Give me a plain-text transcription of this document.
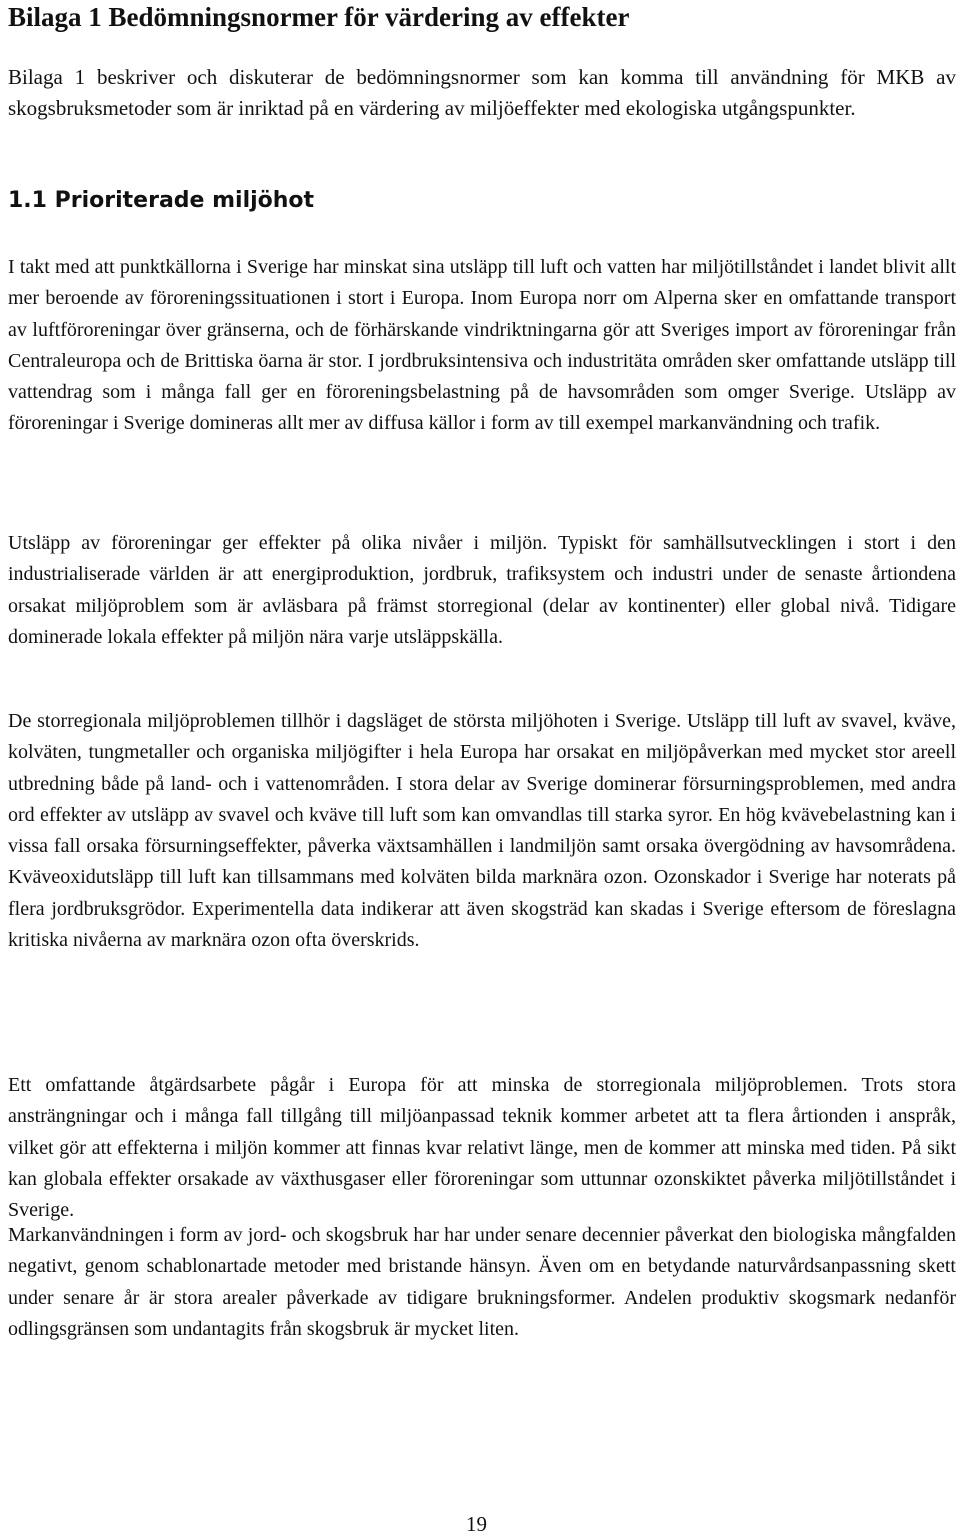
Bilaga 1 Bedömningsnormer för värdering av effekter

Bilaga 1 beskriver och diskuterar de bedömningsnormer som kan komma till användning för MKB av skogsbruksmetoder som är inriktad på en värdering av miljöeffekter med ekologiska utgångspunkter.

1.1 Prioriterade miljöhot

I takt med att punktkällorna i Sverige har minskat sina utsläpp till luft och vatten har miljötillståndet i landet blivit allt mer beroende av föroreningssituationen i stort i Europa. Inom Europa norr om Alperna sker en omfattande transport av luftföroreningar över gränserna, och de förhärskande vindriktningarna gör att Sveriges import av föroreningar från Centraleuropa och de Brittiska öarna är stor. I jordbruksintensiva och industritäta områden sker omfattande utsläpp till vattendrag som i många fall ger en föroreningsbelastning på de havsområden som omger Sverige. Utsläpp av föroreningar i Sverige domineras allt mer av diffusa källor i form av till exempel markanvändning och trafik.

Utsläpp av föroreningar ger effekter på olika nivåer i miljön. Typiskt för samhällsutvecklingen i stort i den industrialiserade världen är att energiproduktion, jordbruk, trafiksystem och industri under de senaste årtiondena orsakat miljöproblem som är avläsbara på främst storregional (delar av kontinenter) eller global nivå. Tidigare dominerade lokala effekter på miljön nära varje utsläppskälla.

De storregionala miljöproblemen tillhör i dagsläget de största miljöhoten i Sverige. Utsläpp till luft av svavel, kväve, kolväten, tungmetaller och organiska miljögifter i hela Europa har orsakat en miljöpåverkan med mycket stor areell utbredning både på land- och i vattenområden. I stora delar av Sverige dominerar försurningsproblemen, med andra ord effekter av utsläpp av svavel och kväve till luft som kan omvandlas till starka syror. En hög kvävebelastning kan i vissa fall orsaka försurningseffekter, påverka växtsamhällen i landmiljön samt orsaka övergödning av havsområdena. Kväveoxidutsläpp till luft kan tillsammans med kolväten bilda marknära ozon. Ozonskador i Sverige har noterats på flera jordbruksgrödor. Experimentella data indikerar att även skogsträd kan skadas i Sverige eftersom de föreslagna kritiska nivåerna av marknära ozon ofta överskrids.

Ett omfattande åtgärdsarbete pågår i Europa för att minska de storregionala miljöproblemen. Trots stora ansträngningar och i många fall tillgång till miljöanpassad teknik kommer arbetet att ta flera årtionden i anspråk, vilket gör att effekterna i miljön kommer att finnas kvar relativt länge, men de kommer att minska med tiden. På sikt kan globala effekter orsakade av växthusgaser eller föroreningar som uttunnar ozonskiktet påverka miljötillståndet i Sverige.

Markanvändningen i form av jord- och skogsbruk har har under senare decennier påverkat den biologiska mångfalden negativt, genom schablonartade metoder med bristande hänsyn. Även om en betydande naturvårdsanpassning skett under senare år är stora arealer påverkade av tidigare brukningsformer. Andelen produktiv skogsmark nedanför odlingsgränsen som undantagits från skogsbruk är mycket liten.

19
